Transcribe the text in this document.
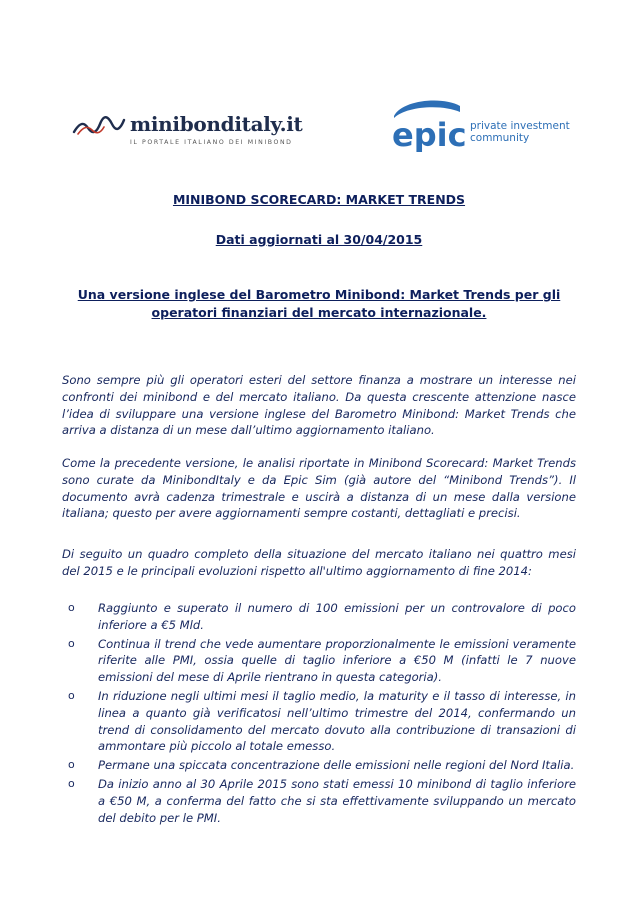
minibonditaly.it
IL PORTALE ITALIANO DEI MINIBOND	epic private investment
community
MINIBOND SCORECARD: MARKET TRENDS
Dati aggiornati al 30/04/2015
Una versione inglese del Barometro Minibond: Market Trends per gli operatori finanziari del mercato internazionale.

Sono sempre più gli operatori esteri del settore finanza a mostrare un interesse nei confronti dei minibond e del mercato italiano. Da questa crescente attenzione nasce l’idea di sviluppare una versione inglese del Barometro Minibond: Market Trends che arriva a distanza di un mese dall’ultimo aggiornamento italiano.

Come la precedente versione, le analisi riportate in Minibond Scorecard: Market Trends sono curate da MinibondItaly e da Epic Sim (già autore del “Minibond Trends”). Il documento avrà cadenza trimestrale e uscirà a distanza di un mese dalla versione italiana; questo per avere aggiornamenti sempre costanti, dettagliati e precisi.

Di seguito un quadro completo della situazione del mercato italiano nei quattro mesi del 2015 e le principali evoluzioni rispetto all'ultimo aggiornamento di fine 2014:

o Raggiunto e superato il numero di 100 emissioni per un controvalore di poco inferiore a €5 Mld.
o Continua il trend che vede aumentare proporzionalmente le emissioni veramente riferite alle PMI, ossia quelle di taglio inferiore a €50 M (infatti le 7 nuove emissioni del mese di Aprile rientrano in questa categoria).
o In riduzione negli ultimi mesi il taglio medio, la maturity e il tasso di interesse, in linea a quanto già verificatosi nell’ultimo trimestre del 2014, confermando un trend di consolidamento del mercato dovuto alla contribuzione di transazioni di ammontare più piccolo al totale emesso.
o Permane una spiccata concentrazione delle emissioni nelle regioni del Nord Italia.
o Da inizio anno al 30 Aprile 2015 sono stati emessi 10 minibond di taglio inferiore a €50 M, a conferma del fatto che si sta effettivamente sviluppando un mercato del debito per le PMI.
